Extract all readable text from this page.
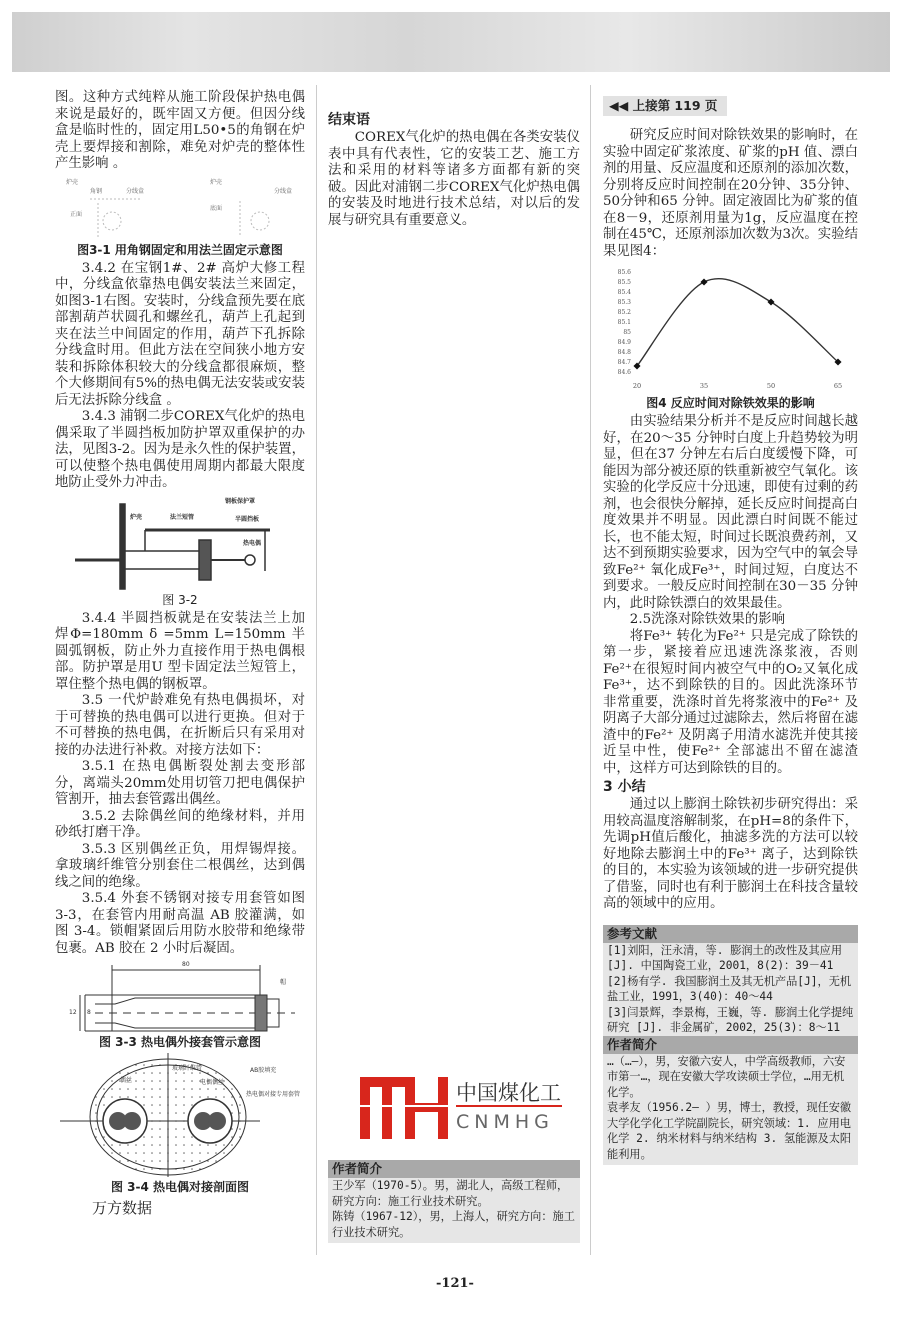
图。这种方式纯粹从施工阶段保护热电偶来说是最好的，既牢固又方便。但因分线盒是临时性的，固定用L50•5的角钢在炉壳上要焊接和割除，难免对炉壳的整体性产生影响 。

炉壳
角钢	分线盒
正面
炉壳
分线盒
底面
图3-1 用角钢固定和用法兰固定示意图

3.4.2 在宝钢1#、2# 高炉大修工程中，分线盒依靠热电偶安装法兰来固定，如图3-1右图。安装时，分线盒预先要在底部割葫芦状圆孔和螺丝孔，葫芦上孔起到夹在法兰中间固定的作用，葫芦下孔拆除分线盒时用。但此方法在空间狭小地方安装和拆除体积较大的分线盒都很麻烦，整个大修期间有5%的热电偶无法安装或安装后无法拆除分线盒 。

3.4.3 浦钢二步COREX气化炉的热电偶采取了半圆挡板加防护罩双重保护的办法，见图3-2。因为是永久性的保护装置，可以使整个热电偶使用周期内都最大限度地防止受外力冲击。

炉壳	法兰短管
钢板保护罩
半圆挡板
热电偶
图 3-2

3.4.4 半圆挡板就是在安装法兰上加焊Φ=180mm δ =5mm L=150mm 半圆弧钢板，防止外力直接作用于热电偶根部。防护罩是用U 型卡固定法兰短管上，罩住整个热电偶的钢板罩。

3.5 一代炉龄难免有热电偶损坏，对于可替换的热电偶可以进行更换。但对于不可替换的热电偶，在折断后只有采用对接的办法进行补救。对接方法如下：

3.5.1 在热电偶断裂处割去变形部分，离端头20mm处用切管刀把电偶保护管割开，抽去套管露出偶丝。

3.5.2 去除偶丝间的绝缘材料，并用砂纸打磨干净。

3.5.3 区别偶丝正负，用焊锡焊接。拿玻璃纤维管分别套住二根偶丝，达到偶线之间的绝缘。

3.5.4 外套不锈钢对接专用套管如图3-3，在套管内用耐高温 AB 胶灌满，如图 3-4。锁帽紧固后用防水胶带和绝缘带包裹。AB 胶在 2 小时后凝固。

80
帽
12 8
图 3-3 热电偶外接套管示意图
偶丝
玻璃纤维管
电偶偶丝
AB胶填充
热电偶对接专用套管
图 3-4 热电偶对接剖面图
万方数据
结束语

COREX气化炉的热电偶在各类安装仪表中具有代表性，它的安装工艺、施工方法和采用的材料等诸多方面都有新的突破。因此对浦钢二步COREX气化炉热电偶的安装及时地进行技术总结，对以后的发展与研究具有重要意义。

中国煤化工
CNMHG
作者简介
王少军（1970-5）。男，湖北人，高级工程师，研究方向：施工行业技术研究。
陈铸（1967-12），男，上海人，研究方向：施工行业技术研究。
◀◀ 上接第 119 页

研究反应时间对除铁效果的影响时，在实验中固定矿浆浓度、矿浆的pH 值、漂白剂的用量、反应温度和还原剂的添加次数，分别将反应时间控制在20分钟、35分钟、50分钟和65 分钟。固定液固比为矿浆的值在8－9，还原剂用量为1g，反应温度在控制在45℃，还原剂添加次数为3次。实验结果见图4：

84.6
84.7
84.8
84.9
85
85.1
85.2
85.3
85.4
85.5
85.6
20	35	50	65
图4 反应时间对除铁效果的影响

由实验结果分析并不是反应时间越长越好，在20～35 分钟时白度上升趋势较为明显，但在37 分钟左右后白度缓慢下降，可能因为部分被还原的铁重新被空气氧化。该实验的化学反应十分迅速，即使有过剩的药剂，也会很快分解掉，延长反应时间提高白度效果并不明显。因此漂白时间既不能过长，也不能太短，时间过长既浪费药剂，又达不到预期实验要求，因为空气中的氧会导致Fe²⁺ 氧化成Fe³⁺，时间过短，白度达不到要求。一般反应时间控制在30－35 分钟内，此时除铁漂白的效果最佳。

2.5洗涤对除铁效果的影响

将Fe³⁺ 转化为Fe²⁺ 只是完成了除铁的第一步，紧接着应迅速洗涤浆液，否则Fe²⁺在很短时间内被空气中的O₂又氧化成Fe³⁺，达不到除铁的目的。因此洗涤环节非常重要，洗涤时首先将浆液中的Fe²⁺ 及阴离子大部分通过过滤除去，然后将留在滤渣中的Fe²⁺ 及阴离子用清水滤洗并使其接近呈中性，使Fe²⁺ 全部滤出不留在滤渣中，这样方可达到除铁的目的。

3 小结

通过以上膨润土除铁初步研究得出：采用较高温度溶解制浆，在pH=8的条件下，先调pH值后酸化，抽滤多洗的方法可以较好地除去膨润土中的Fe³⁺ 离子，达到除铁的目的，本实验为该领域的进一步研究提供了借鉴，同时也有利于膨润土在科技含量较高的领域中的应用。

参考文献
[1]刘阳，汪永清，等. 膨润土的改性及其应用[J]. 中国陶瓷工业，2001，8(2)：39－41
[2]杨有学. 我国膨润土及其无机产品[J]，无机盐工业，1991，3(40)：40～44
[3]闫景辉，李景梅，王巍，等. 膨润土化学提纯研究 [J]. 非金属矿，2002，25(3)：8～11
作者简介
…（…—），男，安徽六安人，中学高级教师，六安市第一…，现在安徽大学攻读硕士学位，…用无机化学。
袁孝友（1956.2— ）男，博士，教授，现任安徽大学化学化工学院副院长，研究领域：1. 应用电化学 2. 纳米材料与纳米结构 3. 氢能源及太阳能利用。
-121-
